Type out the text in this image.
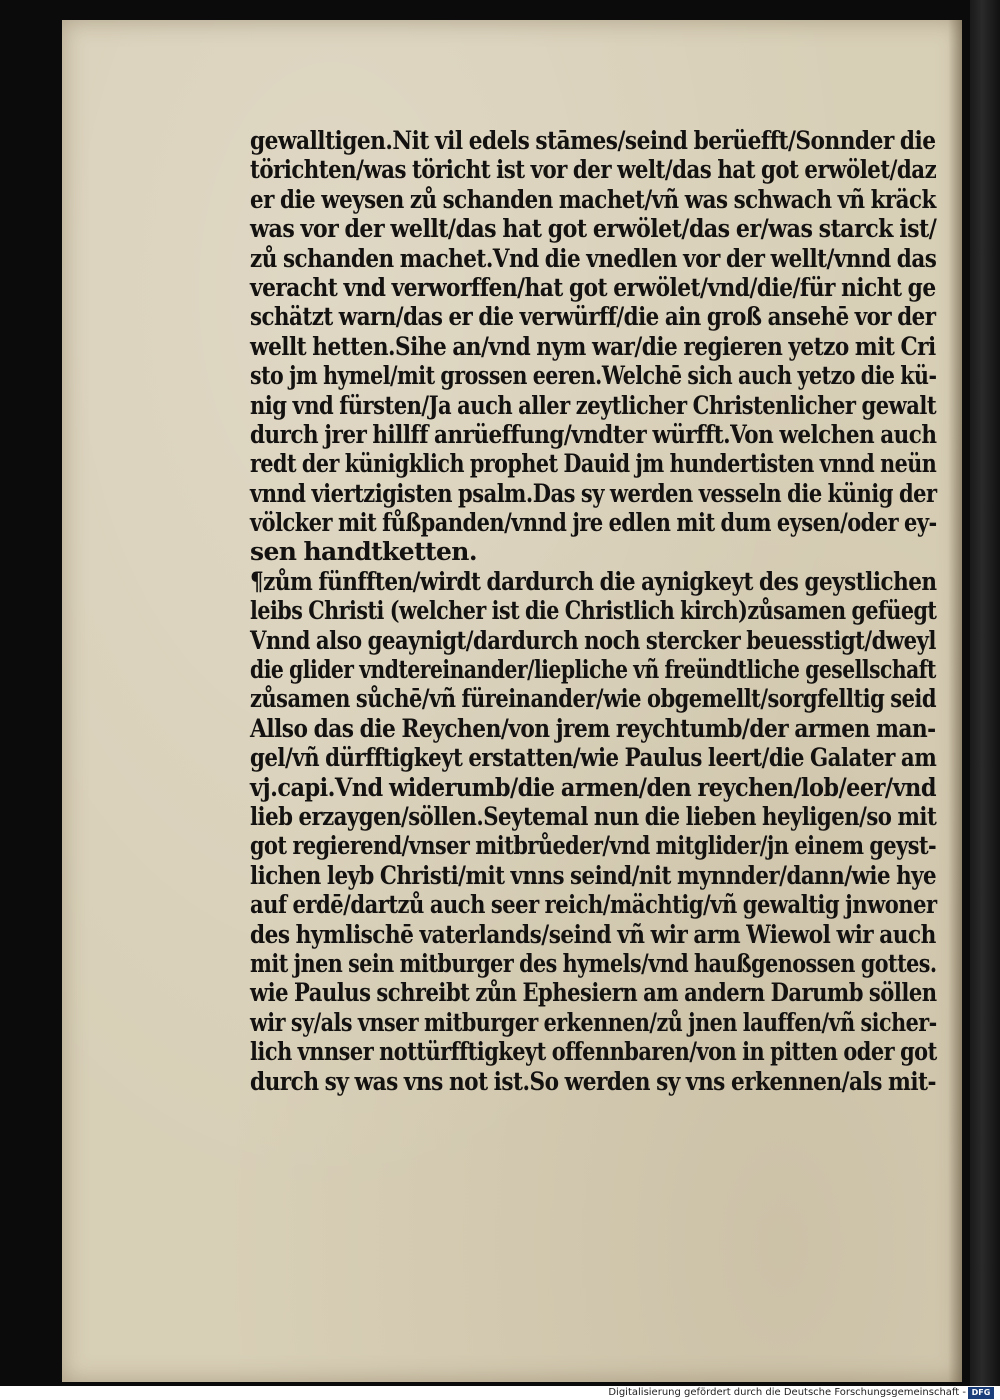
gewalltigen.Nit vil edels stāmes/seind berüefft/Sonnder die
törichten/was töricht ist vor der welt/das hat got erwölet/daz
er die weysen zů schanden machet/vñ was schwach vñ kräck
was vor der wellt/das hat got erwölet/das er/was starck ist/
zů schanden machet.Vnd die vnedlen vor der wellt/vnnd das
veracht vnd verworffen/hat got erwölet/vnd/die/für nicht ge
schätzt warn/das er die verwürff/die ain groß ansehē vor der
wellt hetten.Sihe an/vnd nym war/die regieren yetzo mit Cri
sto jm hymel/mit grossen eeren.Welchē sich auch yetzo die kü-
nig vnd fürsten/Ja auch aller zeytlicher Christenlicher gewalt
durch jrer hillff anrüeffung/vndter würfft.Von welchen auch
redt der künigklich prophet Dauid jm hundertisten vnnd neün
vnnd viertzigisten psalm.Das sy werden vesseln die künig der
völcker mit fůßpanden/vnnd jre edlen mit dum eysen/oder ey-
sen handtketten.
¶zům fünfften/wirdt dardurch die aynigkeyt des geystlichen
leibs Christi (welcher ist die Christlich kirch)zůsamen gefüegt
Vnnd also geaynigt/dardurch noch stercker beuesstigt/dweyl
die glider vndtereinander/liepliche vñ freündtliche gesellschaft
zůsamen sůchē/vñ füreinander/wie obgemellt/sorgfelltig seid
Allso das die Reychen/von jrem reychtumb/der armen man-
gel/vñ dürfftigkeyt erstatten/wie Paulus leert/die Galater am
vj.capi.Vnd widerumb/die armen/den reychen/lob/eer/vnd
lieb erzaygen/söllen.Seytemal nun die lieben heyligen/so mit
got regierend/vnser mitbrůeder/vnd mitglider/jn einem geyst-
lichen leyb Christi/mit vnns seind/nit mynnder/dann/wie hye
auf erdē/dartzů auch seer reich/mächtig/vñ gewaltig jnwoner
des hymlischē vaterlands/seind vñ wir arm Wiewol wir auch
mit jnen sein mitburger des hymels/vnd haußgenossen gottes.
wie Paulus schreibt zůn Ephesiern am andern Darumb söllen
wir sy/als vnser mitburger erkennen/zů jnen lauffen/vñ sicher-
lich vnnser nottürfftigkeyt offennbaren/von in pitten oder got
durch sy was vns not ist.So werden sy vns erkennen/als mit-
Digitalisierung gefördert durch die Deutsche Forschungsgemeinschaft - DFG
